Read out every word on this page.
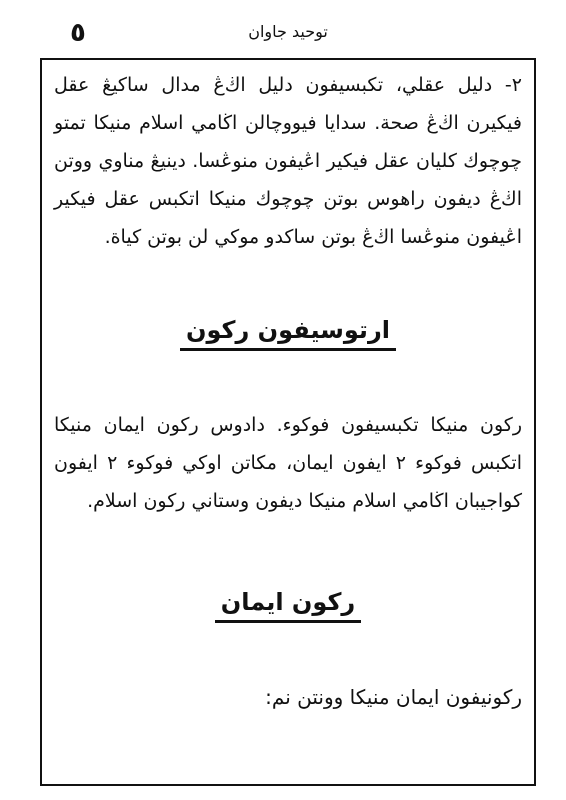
٥	توحيد جاوان
٢- دليل عقلي، تكبسيفون دليل اڬ‌ڠ مدال ساكيڠ عقل فيكيرن اڬ‌ڠ صحة. سدايا فيووچالن اڬامي اسلام منيكا تمتو چوچوك كليان عقل فيكير اڠيفون منوڠسا. دينيڠ مناوي ووتن اڬ‌ڠ ديفون راهوس بوتن چوچوك منيكا اتكبس عقل فيكير اڠيفون منوڠسا اڬ‌ڠ بوتن ساكدو موكي لن بوتن كياة.
ارتوسيفون ركون
ركون منيكا تكبسيفون فوكوء. دادوس ركون ايمان منيكا اتكبس فوكوء ٢ ايفون ايمان، مكاتن اوكي فوكوء ٢ ايفون كواجيبان اڬامي اسلام منيكا ديفون وستاني ركون اسلام.
ركون ايمان
ركونيفون ايمان منيكا وونتن نم:
